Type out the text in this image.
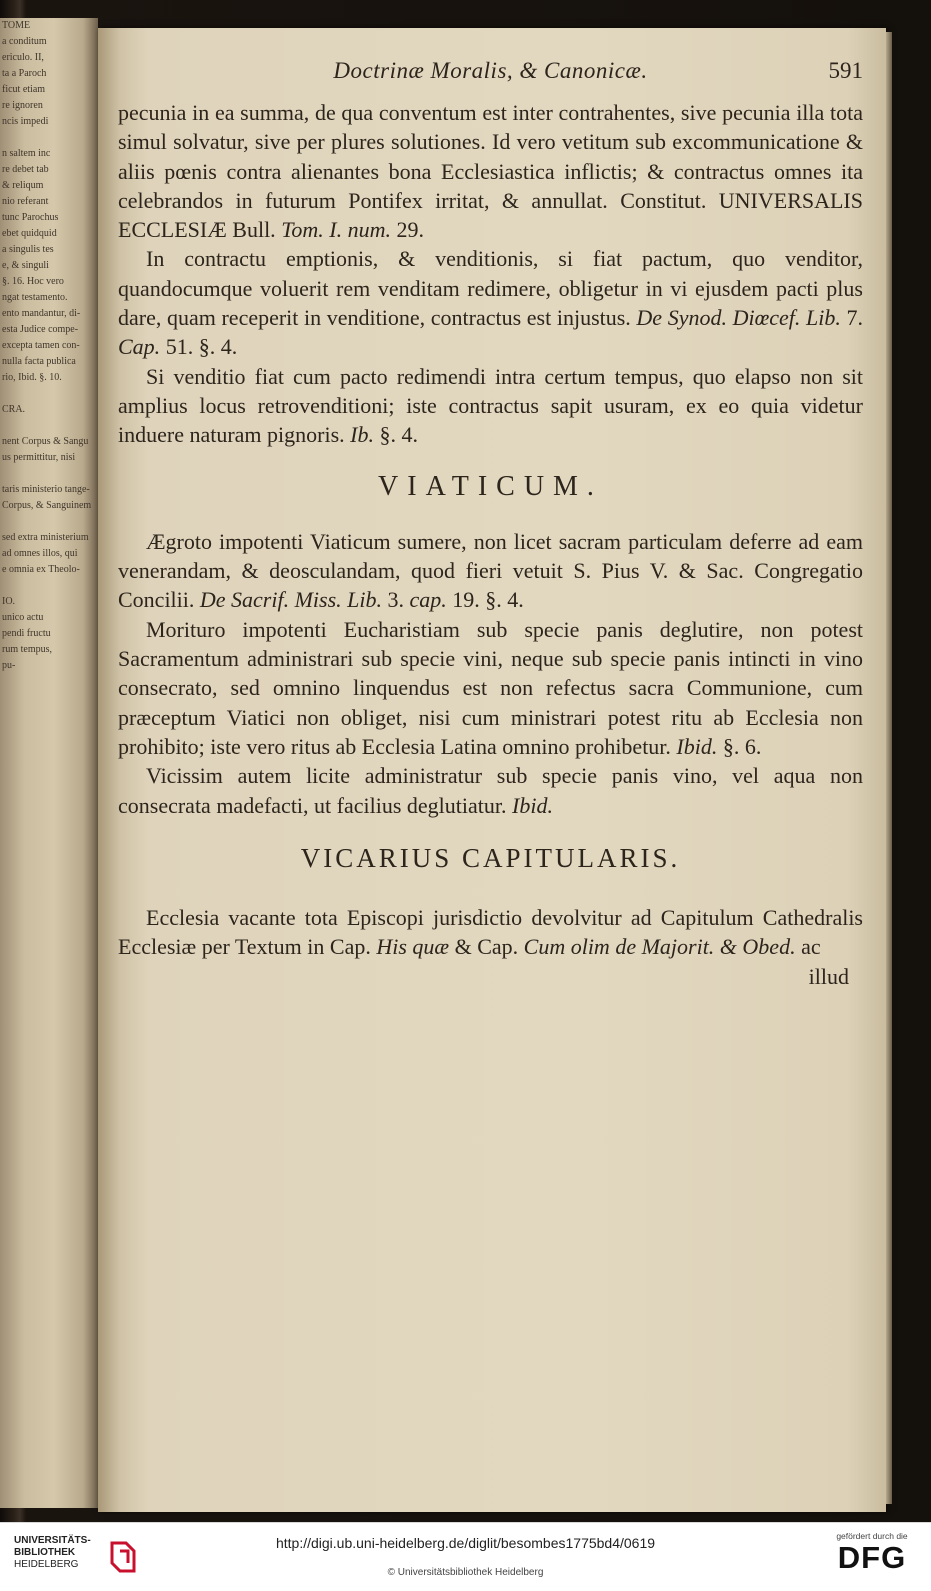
TOME
a conditum
ericulo. II,
ta a Paroch
ficut etiam
re ignoren
ncis impedi
n saltem inc
re debet tab
& reliqum
nio referant
tunc Parochus
ebet quidquid
a singulis tes
e, & singuli
§. 16. Hoc vero
ngat testamento.
ento mandantur, di-
esta Judice compe-
excepta tamen con-
nulla facta publica
rio, Ibid. §. 10.
CRA.
nent Corpus & Sangu
us permittitur, nisi
taris ministerio tange-
Corpus, & Sanguinem
sed extra ministerium
ad omnes illos, qui
e omnia ex Theolo-
IO.
unico actu
pendi fructu
rum tempus,
pu-
Doctrinæ Moralis, & Canonicæ.	591

pecunia in ea summa, de qua conventum est inter contrahentes, sive pecunia illa tota simul solvatur, sive per plures solutiones. Id vero vetitum sub excommunicatione & aliis pœnis contra alienantes bona Ecclesiastica inflictis; & contractus omnes ita celebrandos in futurum Pontifex irritat, & annullat. Constitut. UNIVERSALIS ECCLESIÆ Bull. Tom. I. num. 29.

In contractu emptionis, & venditionis, si fiat pactum, quo venditor, quandocumque voluerit rem venditam redimere, obligetur in vi ejusdem pacti plus dare, quam receperit in venditione, contractus est injustus. De Synod. Diœcef. Lib. 7. Cap. 51. §. 4.

Si venditio fiat cum pacto redimendi intra certum tempus, quo elapso non sit amplius locus retrovenditioni; iste contractus sapit usuram, ex eo quia videtur induere naturam pignoris. Ib. §. 4.

VIATICUM.

Ægroto impotenti Viaticum sumere, non licet sacram particulam deferre ad eam venerandam, & deosculandam, quod fieri vetuit S. Pius V. & Sac. Congregatio Concilii. De Sacrif. Miss. Lib. 3. cap. 19. §. 4.

Morituro impotenti Eucharistiam sub specie panis deglutire, non potest Sacramentum administrari sub specie vini, neque sub specie panis intincti in vino consecrato, sed omnino linquendus est non refectus sacra Communione, cum præceptum Viatici non obliget, nisi cum ministrari potest ritu ab Ecclesia non prohibito; iste vero ritus ab Ecclesia Latina omnino prohibetur. Ibid. §. 6.

Vicissim autem licite administratur sub specie panis vino, vel aqua non consecrata madefacti, ut facilius deglutiatur. Ibid.

VICARIUS CAPITULARIS.

Ecclesia vacante tota Episcopi jurisdictio devolvitur ad Capitulum Cathedralis Ecclesiæ per Textum in Cap. His quæ & Cap. Cum olim de Majorit. & Obed. ac

illud
UNIVERSITÄTS-
BIBLIOTHEK
HEIDELBERG
http://digi.ub.uni-heidelberg.de/diglit/besombes1775bd4/0619
© Universitätsbibliothek Heidelberg
gefördert durch die
DFG
